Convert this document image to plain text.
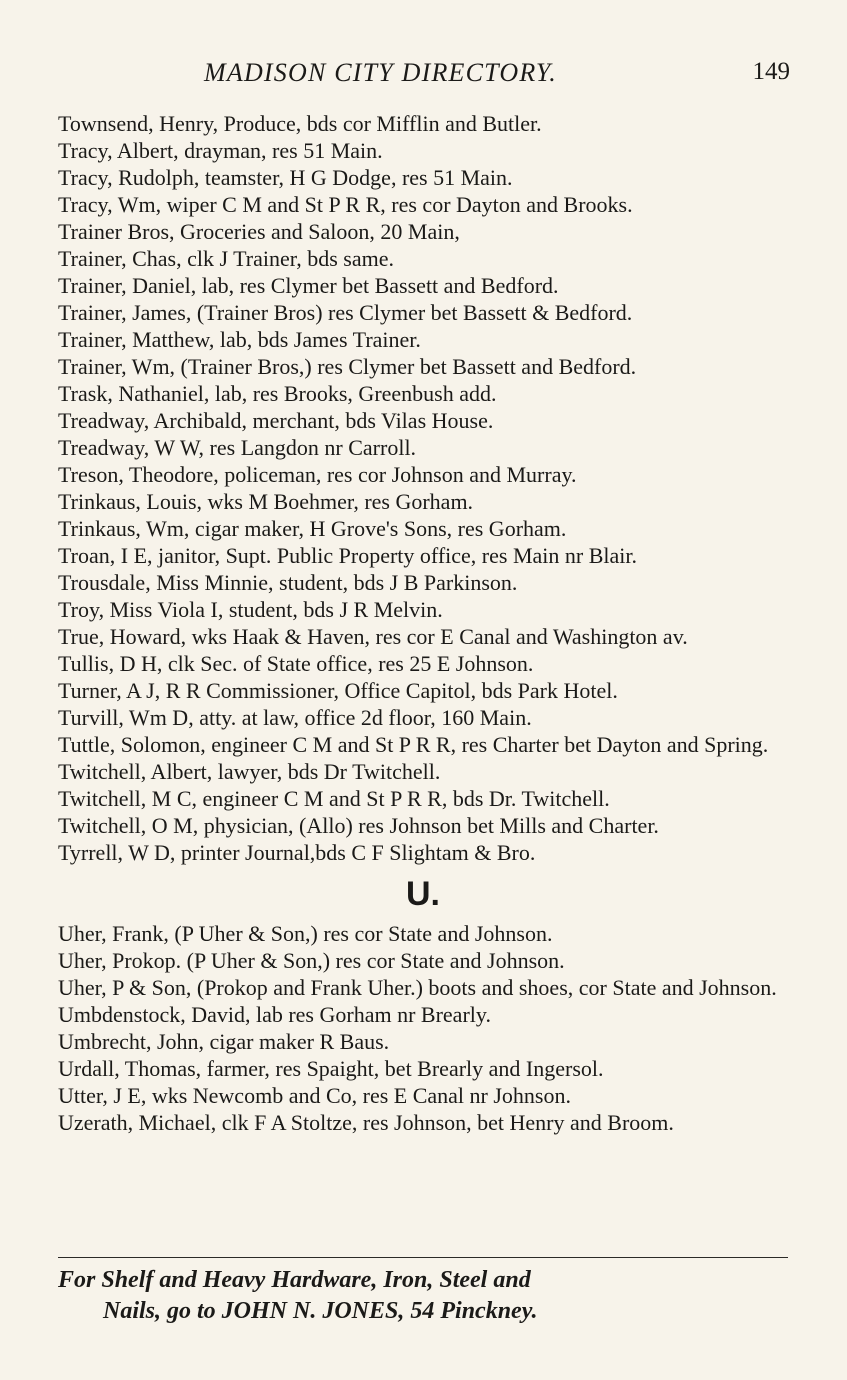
MADISON CITY DIRECTORY.	149

Townsend, Henry, Produce, bds cor Mifflin and Butler.

Tracy, Albert, drayman, res 51 Main.

Tracy, Rudolph, teamster, H G Dodge, res 51 Main.

Tracy, Wm, wiper C M and St P R R, res cor Dayton and Brooks.

Trainer Bros, Groceries and Saloon, 20 Main,

Trainer, Chas, clk J Trainer, bds same.

Trainer, Daniel, lab, res Clymer bet Bassett and Bedford.

Trainer, James, (Trainer Bros) res Clymer bet Bassett & Bedford.

Trainer, Matthew, lab, bds James Trainer.

Trainer, Wm, (Trainer Bros,) res Clymer bet Bassett and Bedford.

Trask, Nathaniel, lab, res Brooks, Greenbush add.

Treadway, Archibald, merchant, bds Vilas House.

Treadway, W W, res Langdon nr Carroll.

Treson, Theodore, policeman, res cor Johnson and Murray.

Trinkaus, Louis, wks M Boehmer, res Gorham.

Trinkaus, Wm, cigar maker, H Grove's Sons, res Gorham.

Troan, I E, janitor, Supt. Public Property office, res Main nr Blair.

Trousdale, Miss Minnie, student, bds J B Parkinson.

Troy, Miss Viola I, student, bds J R Melvin.

True, Howard, wks Haak & Haven, res cor E Canal and Washington av.

Tullis, D H, clk Sec. of State office, res 25 E Johnson.

Turner, A J, R R Commissioner, Office Capitol, bds Park Hotel.

Turvill, Wm D, atty. at law, office 2d floor, 160 Main.

Tuttle, Solomon, engineer C M and St P R R, res Charter bet Dayton and Spring.

Twitchell, Albert, lawyer, bds Dr Twitchell.

Twitchell, M C, engineer C M and St P R R, bds Dr. Twitchell.

Twitchell, O M, physician, (Allo) res Johnson bet Mills and Charter.

Tyrrell, W D, printer Journal,bds C F Slightam & Bro.

U.

Uher, Frank, (P Uher & Son,) res cor State and Johnson.

Uher, Prokop. (P Uher & Son,) res cor State and Johnson.

Uher, P & Son, (Prokop and Frank Uher.) boots and shoes, cor State and Johnson.

Umbdenstock, David, lab res Gorham nr Brearly.

Umbrecht, John, cigar maker R Baus.

Urdall, Thomas, farmer, res Spaight, bet Brearly and Ingersol.

Utter, J E, wks Newcomb and Co, res E Canal nr Johnson.

Uzerath, Michael, clk F A Stoltze, res Johnson, bet Henry and Broom.

For Shelf and Heavy Hardware, Iron, Steel and
Nails, go to JOHN N. JONES, 54 Pinckney.
